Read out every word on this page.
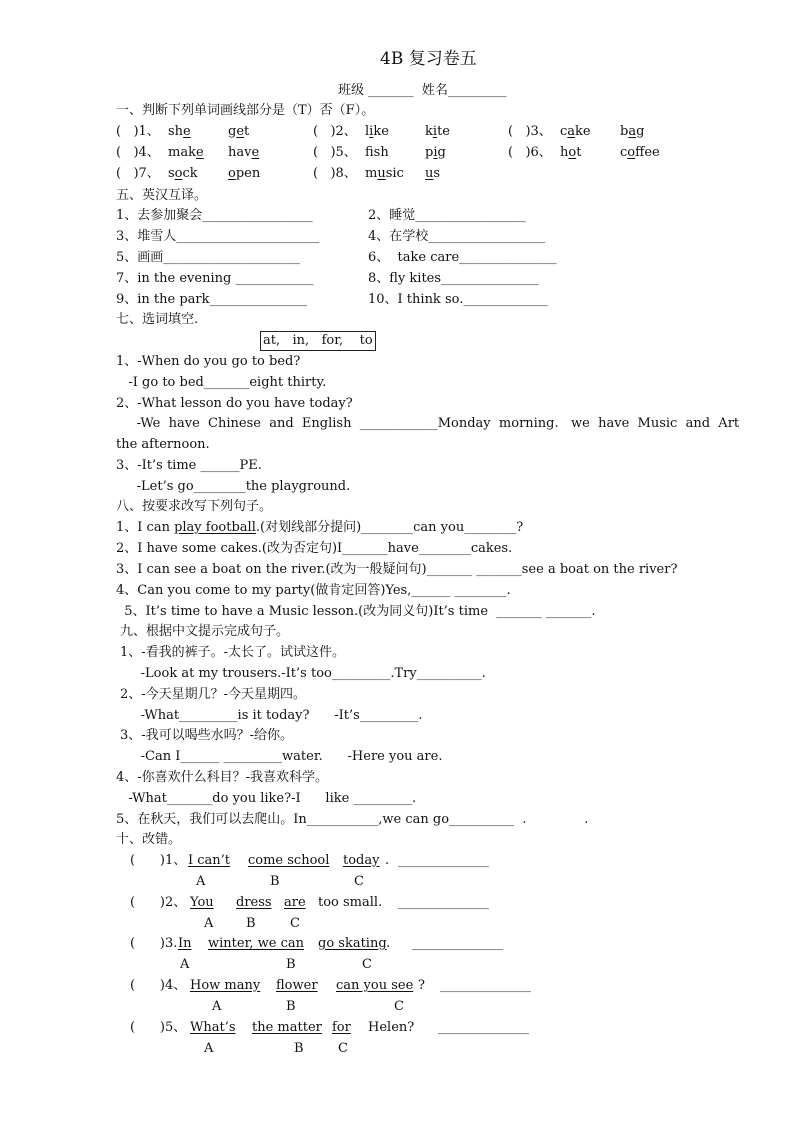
4B 复习卷五
班级 _______  姓名_________
一、判断下列单词画线部分是（T）否（F）。
(   )1、 she	get	(   )2、 like	kite	(   )3、 cake bag
(   )4、 make have	(   )5、 fsh	pig	(   )6、 hot	coffee
(   )7、 sock open	(   )8、 music us
五、英汉互译。
1、去参加聚会_________________	2、睡觉_________________
3、堆雪人______________________	4、在学校__________________
5、画画_____________________	6、  take care_______________
7、in the evening ____________	8、fly kites_______________
9、in the park_______________	10、I think so._____________
七、选词填空.
at,   in,   for,    to
1、-When do you go to bed?
-I go to bed_______eight thirty.
2、-What lesson do you have today?
-We  have  Chinese  and  English  ____________Monday  morning.   we  have  Music  and  Art
the afternoon.
3、-It’s time ______PE.
-Let’s go________the playground.
八、按要求改写下列句子。
1、I can play football.(对划线部分提问)________can you________?
2、I have some cakes.(改为否定句)I_______have________cakes.
3、I can see a boat on the river.(改为一般疑问句)_______ _______see a boat on the river?
4、Can you come to my party(做肯定回答)Yes,______ ________.
5、It’s time to have a Music lesson.(改为同义句)It’s time  _______ _______.
九、根据中文提示完成句子。
1、-看我的裤子。-太长了。试试这件。
-Look at my trousers.-It’s too_________.Try__________.
2、-今天星期几？-今天星期四。
-What_________is it today?      -It’s_________.
3、-我可以喝些水吗？-给你。
-Can I______ _________water.      -Here you are.
4、-你喜欢什么科目？-我喜欢科学。
-What_______do you like?-I      like _________.
5、在秋天，我们可以去爬山。In___________,we can go__________  .              .
十、改错。
(      )1、 I can’t come school today . ______________
A	B	C
(      )2、 You dress are too small. ______________
A	B	C
(      )3. In winter, we can go skating . ______________
A	B	C
(      )4、 How many flower can you see ? ______________
A	B	C
(      )5、 What’s the matter for Helen? ______________
A	B	C
